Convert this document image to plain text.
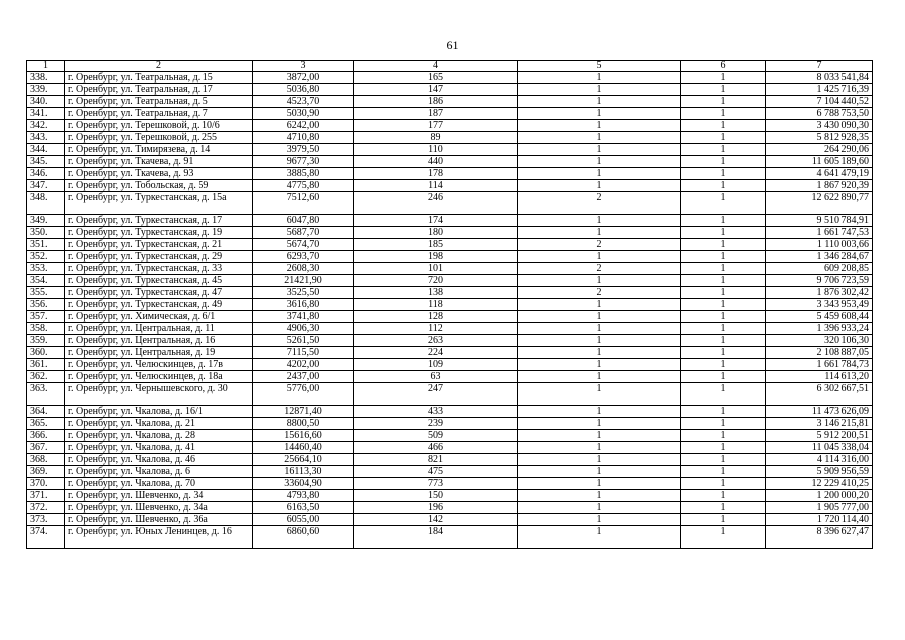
61
1	2	3	4	5	6	7
338.	г. Оренбург, ул. Театральная, д. 15	3872,00	165	1	1	8 033 541,84
339.	г. Оренбург, ул. Театральная, д. 17	5036,80	147	1	1	1 425 716,39
340.	г. Оренбург, ул. Театральная, д. 5	4523,70	186	1	1	7 104 440,52
341.	г. Оренбург, ул. Театральная, д. 7	5030,90	187	1	1	6 788 753,50
342.	г. Оренбург, ул. Терешковой, д. 10/6	6242,00	177	1	1	3 430 090,30
343.	г. Оренбург, ул. Терешковой, д. 255	4710,80	89	1	1	5 812 928,35
344.	г. Оренбург, ул. Тимирязева, д. 14	3979,50	110	1	1	264 290,06
345.	г. Оренбург, ул. Ткачева, д. 91	9677,30	440	1	1	11 605 189,60
346.	г. Оренбург, ул. Ткачева, д. 93	3885,80	178	1	1	4 641 479,19
347.	г. Оренбург, ул. Тобольская, д. 59	4775,80	114	1	1	1 867 920,39
348.	г. Оренбург, ул. Туркестанская, д. 15а	7512,60	246	2	1	12 622 890,77
349.	г. Оренбург, ул. Туркестанская, д. 17	6047,80	174	1	1	9 510 784,91
350.	г. Оренбург, ул. Туркестанская, д. 19	5687,70	180	1	1	1 661 747,53
351.	г. Оренбург, ул. Туркестанская, д. 21	5674,70	185	2	1	1 110 003,66
352.	г. Оренбург, ул. Туркестанская, д. 29	6293,70	198	1	1	1 346 284,67
353.	г. Оренбург, ул. Туркестанская, д. 33	2608,30	101	2	1	609 208,85
354.	г. Оренбург, ул. Туркестанская, д. 45	21421,90	720	1	1	9 706 723,59
355.	г. Оренбург, ул. Туркестанская, д. 47	3525,50	138	2	1	1 876 302,42
356.	г. Оренбург, ул. Туркестанская, д. 49	3616,80	118	1	1	3 343 953,49
357.	г. Оренбург, ул. Химическая, д. 6/1	3741,80	128	1	1	5 459 608,44
358.	г. Оренбург, ул. Центральная, д. 11	4906,30	112	1	1	1 396 933,24
359.	г. Оренбург, ул. Центральная, д. 16	5261,50	263	1	1	320 106,30
360.	г. Оренбург, ул. Центральная, д. 19	7115,50	224	1	1	2 108 887,05
361.	г. Оренбург, ул. Челюскинцев, д. 17в	4202,00	109	1	1	1 661 784,73
362.	г. Оренбург, ул. Челюскинцев, д. 18а	2437,00	63	1	1	114 613,20
363.	г. Оренбург, ул. Чернышевского, д. 30	5776,00	247	1	1	6 302 667,51
364.	г. Оренбург, ул. Чкалова, д. 16/1	12871,40	433	1	1	11 473 626,09
365.	г. Оренбург, ул. Чкалова, д. 21	8800,50	239	1	1	3 146 215,81
366.	г. Оренбург, ул. Чкалова, д. 28	15616,60	509	1	1	5 912 200,51
367.	г. Оренбург, ул. Чкалова, д. 41	14460,40	466	1	1	11 045 338,04
368.	г. Оренбург, ул. Чкалова, д. 46	25664,10	821	1	1	4 114 316,00
369.	г. Оренбург, ул. Чкалова, д. 6	16113,30	475	1	1	5 909 956,59
370.	г. Оренбург, ул. Чкалова, д. 70	33604,90	773	1	1	12 229 410,25
371.	г. Оренбург, ул. Шевченко, д. 34	4793,80	150	1	1	1 200 000,20
372.	г. Оренбург, ул. Шевченко, д. 34а	6163,50	196	1	1	1 905 777,00
373.	г. Оренбург, ул. Шевченко, д. 36а	6055,00	142	1	1	1 720 114,40
374.	г. Оренбург, ул. Юных Ленинцев, д. 16	6860,60	184	1	1	8 396 627,47
